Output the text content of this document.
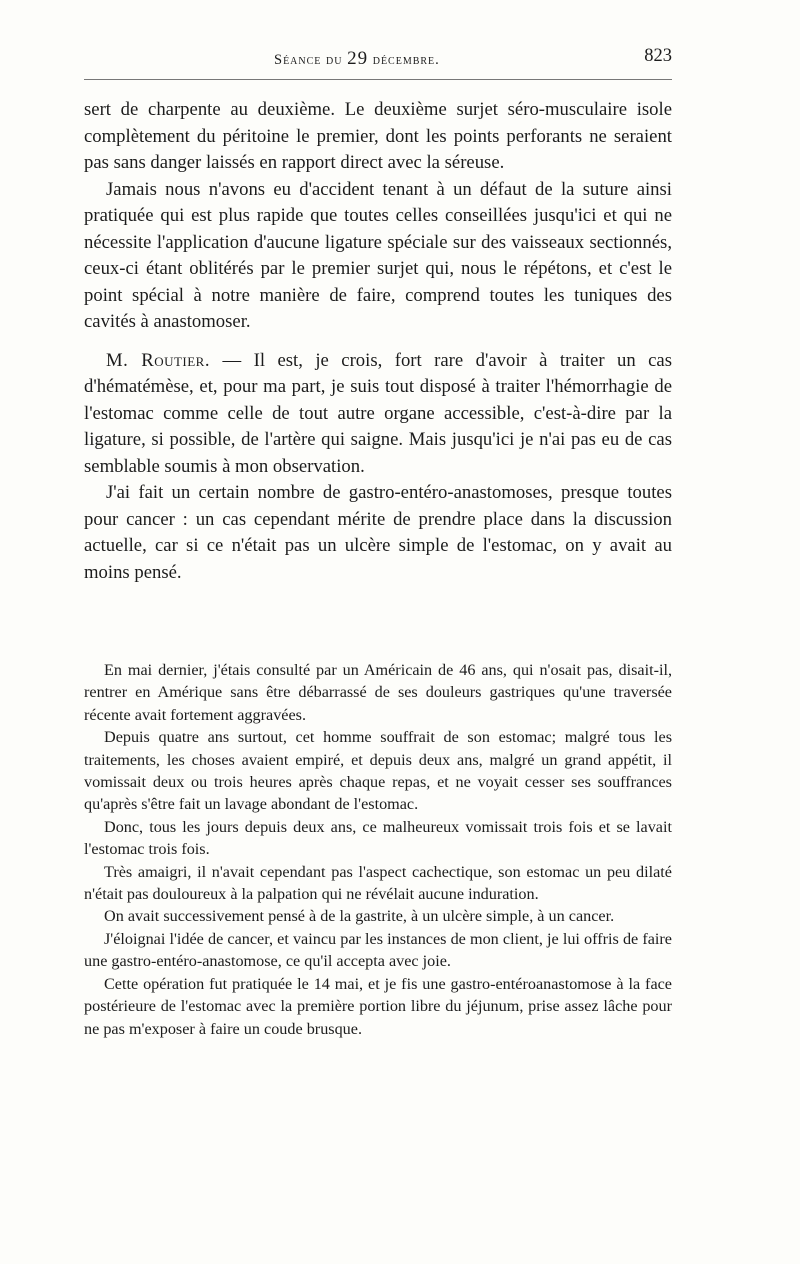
Séance du 29 décembre.	823

sert de charpente au deuxième. Le deuxième surjet séro-musculaire isole complètement du péritoine le premier, dont les points perforants ne seraient pas sans danger laissés en rapport direct avec la séreuse.

Jamais nous n'avons eu d'accident tenant à un défaut de la suture ainsi pratiquée qui est plus rapide que toutes celles conseillées jusqu'ici et qui ne nécessite l'application d'aucune ligature spéciale sur des vaisseaux sectionnés, ceux-ci étant oblitérés par le premier surjet qui, nous le répétons, et c'est le point spécial à notre manière de faire, comprend toutes les tuniques des cavités à anastomoser.

M. Routier. — Il est, je crois, fort rare d'avoir à traiter un cas d'hématémèse, et, pour ma part, je suis tout disposé à traiter l'hémorrhagie de l'estomac comme celle de tout autre organe accessible, c'est-à-dire par la ligature, si possible, de l'artère qui saigne. Mais jusqu'ici je n'ai pas eu de cas semblable soumis à mon observation.

J'ai fait un certain nombre de gastro-entéro-anastomoses, presque toutes pour cancer : un cas cependant mérite de prendre place dans la discussion actuelle, car si ce n'était pas un ulcère simple de l'estomac, on y avait au moins pensé.

En mai dernier, j'étais consulté par un Américain de 46 ans, qui n'osait pas, disait-il, rentrer en Amérique sans être débarrassé de ses douleurs gastriques qu'une traversée récente avait fortement aggravées.

Depuis quatre ans surtout, cet homme souffrait de son estomac; malgré tous les traitements, les choses avaient empiré, et depuis deux ans, malgré un grand appétit, il vomissait deux ou trois heures après chaque repas, et ne voyait cesser ses souffrances qu'après s'être fait un lavage abondant de l'estomac.

Donc, tous les jours depuis deux ans, ce malheureux vomissait trois fois et se lavait l'estomac trois fois.

Très amaigri, il n'avait cependant pas l'aspect cachectique, son estomac un peu dilaté n'était pas douloureux à la palpation qui ne révélait aucune induration.

On avait successivement pensé à de la gastrite, à un ulcère simple, à un cancer.

J'éloignai l'idée de cancer, et vaincu par les instances de mon client, je lui offris de faire une gastro-entéro-anastomose, ce qu'il accepta avec joie.

Cette opération fut pratiquée le 14 mai, et je fis une gastro-entéroanastomose à la face postérieure de l'estomac avec la première portion libre du jéjunum, prise assez lâche pour ne pas m'exposer à faire un coude brusque.
